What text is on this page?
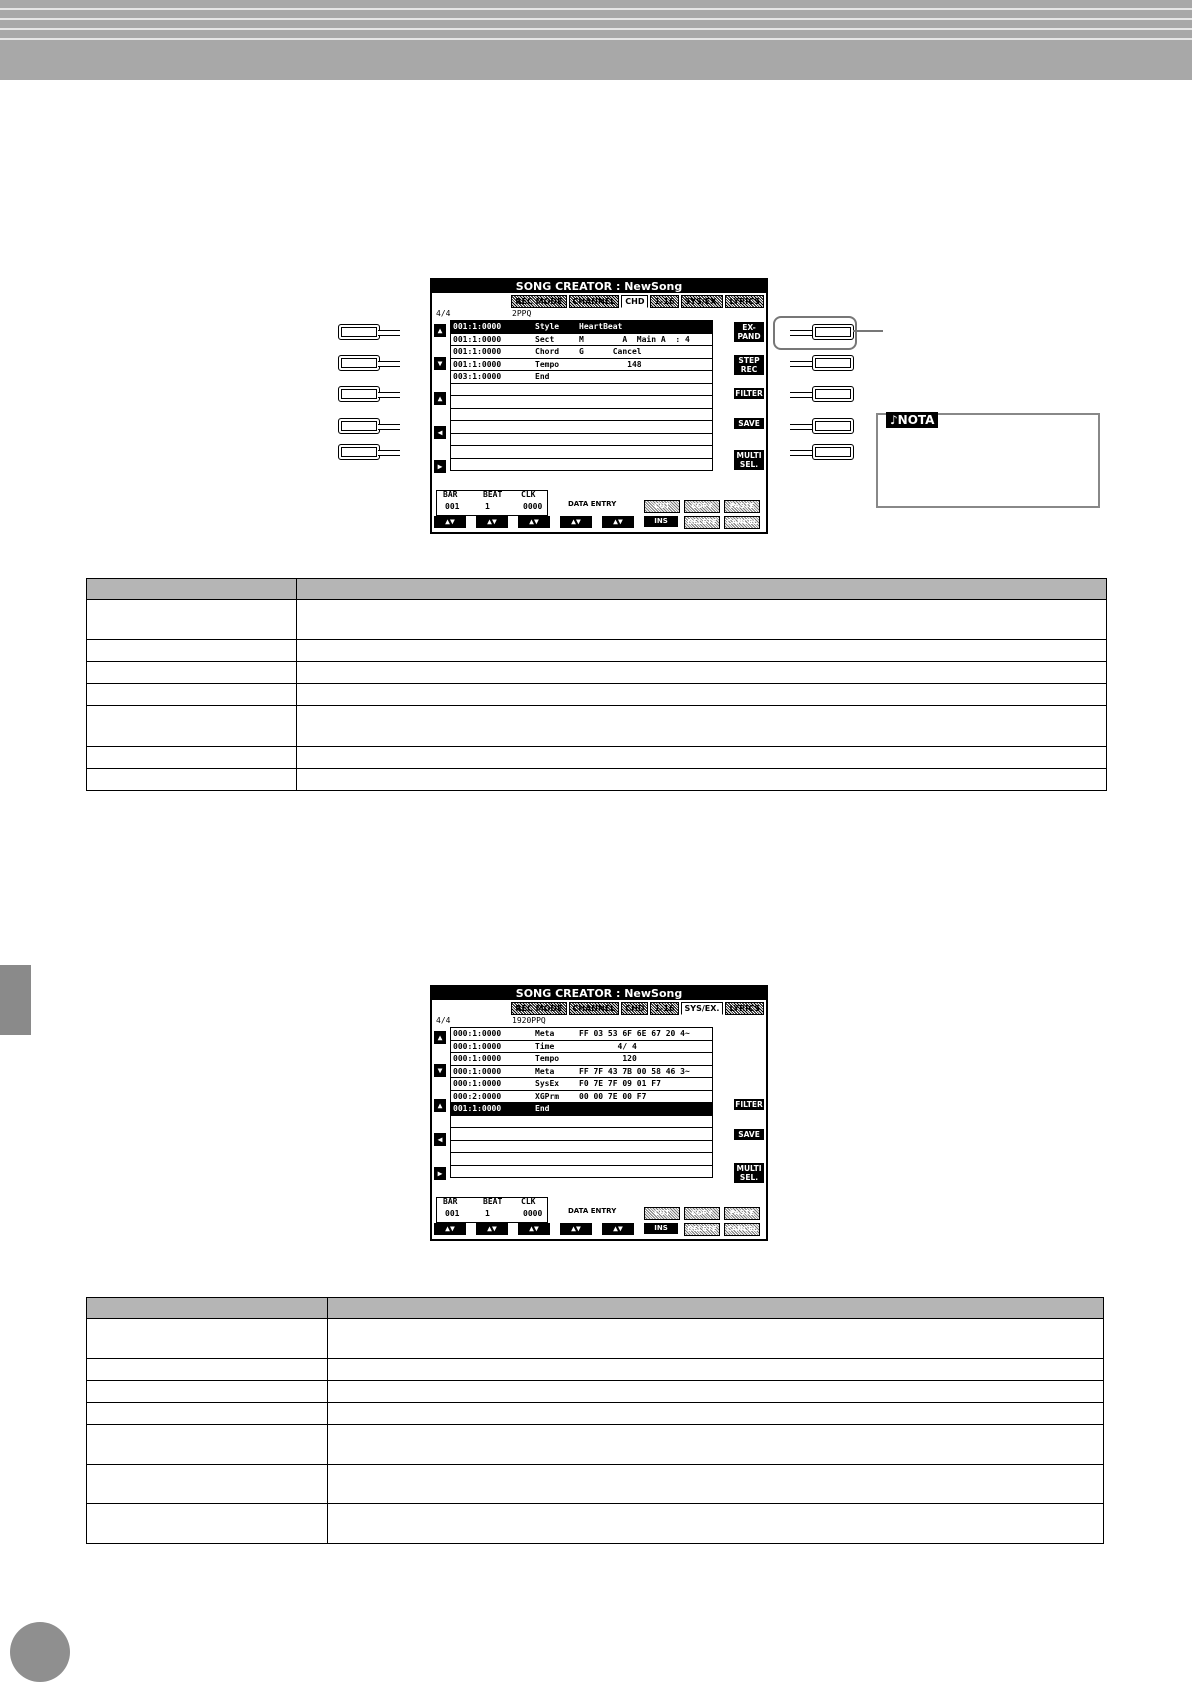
SONG CREATOR : NewSong
REC MODE	CHANNEL	CHD	1-16	SYS/EX.	LYRICS
4/4	2PPQ
001:1:0000	Style HeartBeat
001:1:0000	Sect	M        A  Main A  : 4
001:1:0000	Chord G      Cancel
001:1:0000	Tempo 148
003:1:0000	End
▲
▼
▲
◀
▶
EX-
PAND
STEP
REC
FILTER
SAVE
MULTI
SEL.
BAR
001
BEAT
1
CLK
0000	DATA ENTRY
▲▼	▲▼	▲▼	▲▼	▲▼
CUT	COPY	PASTE
INS	DELETE	CANCEL
♪NOTA

SONG CREATOR : NewSong
REC MODE	CHANNEL	CHD	1-16	SYS/EX.	LYRICS
4/4	1920PPQ
000:1:0000	Meta	FF 03 53 6F 6E 67 20 4~
000:1:0000	Time	4/ 4
000:1:0000	Tempo 120
000:1:0000	Meta	FF 7F 43 7B 00 58 46 3~
000:1:0000	SysEx F0 7E 7F 09 01 F7
000:2:0000	XGPrm 00 00 7E 00 F7
001:1:0000	End
▲
▼
▲
◀
▶
FILTER
SAVE
MULTI
SEL.
BAR
001
BEAT
1
CLK
0000	DATA ENTRY
▲▼	▲▼	▲▼	▲▼	▲▼
CUT	COPY	PASTE
INS	DELETE	CANCEL
